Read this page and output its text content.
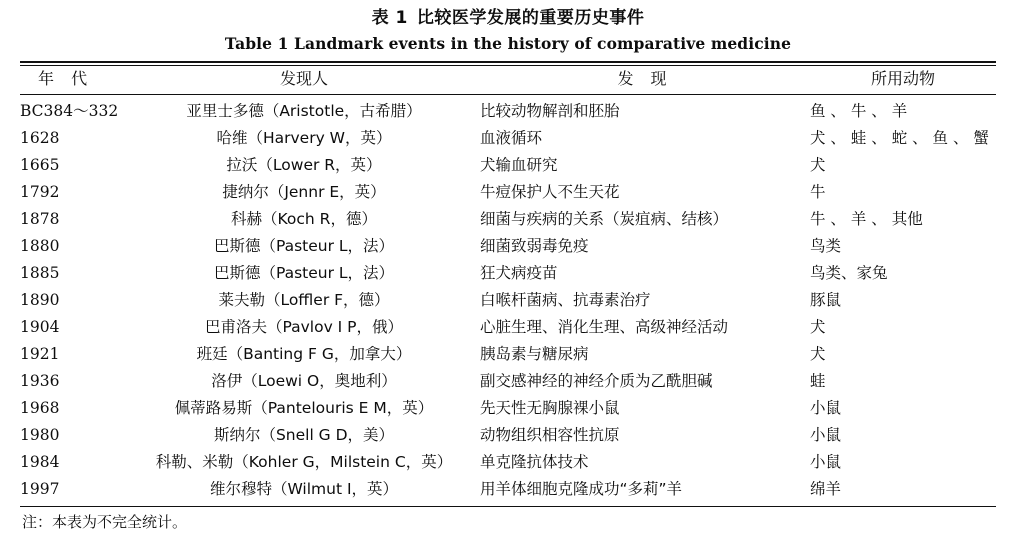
表 1 比较医学发展的重要历史事件
Table 1 Landmark events in the history of comparative medicine
年 代	发现人	发 现	所用动物
BC384～332	亚里士多德（Aristotle，古希腊）	比较动物解剖和胚胎	鱼 、 牛 、 羊
1628	哈维（Harvery W，英）	血液循环	犬 、 蛙 、 蛇 、 鱼 、 蟹
1665	拉沃（Lower R，英）	犬输血研究	犬
1792	捷纳尔（Jennr E，英）	牛痘保护人不生天花	牛
1878	科赫（Koch R，德）	细菌与疾病的关系（炭疽病、结核）	牛 、 羊 、 其他
1880	巴斯德（Pasteur L，法）	细菌致弱毒免疫	鸟类
1885	巴斯德（Pasteur L，法）	狂犬病疫苗	鸟类、家兔
1890	莱夫勒（Loffler F，德）	白喉杆菌病、抗毒素治疗	豚鼠
1904	巴甫洛夫（Pavlov I P，俄）	心脏生理、消化生理、高级神经活动	犬
1921	班廷（Banting F G，加拿大）	胰岛素与糖尿病	犬
1936	洛伊（Loewi O，奥地利）	副交感神经的神经介质为乙酰胆碱	蛙
1968	佩蒂路易斯（Pantelouris E M，英）	先天性无胸腺裸小鼠	小鼠
1980	斯纳尔（Snell G D，美）	动物组织相容性抗原	小鼠
1984	科勒、米勒（Kohler G，Milstein C，英）	单克隆抗体技术	小鼠
1997	维尔穆特（Wilmut I，英）	用羊体细胞克隆成功“多莉”羊	绵羊
注：本表为不完全统计。
